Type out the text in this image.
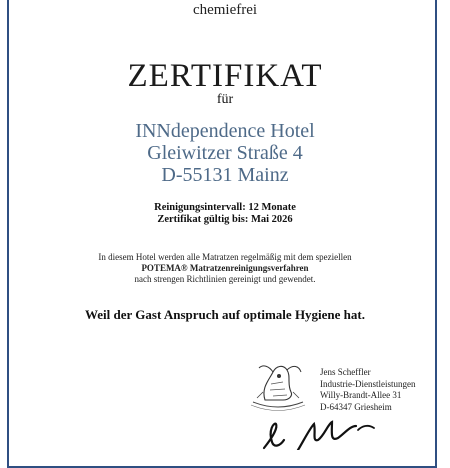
chemiefrei
ZERTIFIKAT
für
INNdependence Hotel
Gleiwitzer Straße 4
D-55131 Mainz
Reinigungsintervall: 12 Monate
Zertifikat gültig bis: Mai 2026
In diesem Hotel werden alle Matratzen regelmäßig mit dem speziellen
POTEMA® Matratzenreinigungsverfahren
nach strengen Richtlinien gereinigt und gewendet.
Weil der Gast Anspruch auf optimale Hygiene hat.
Jens Scheffler
Industrie-Dienstleistungen
Willy-Brandt-Allee 31
D-64347 Griesheim
